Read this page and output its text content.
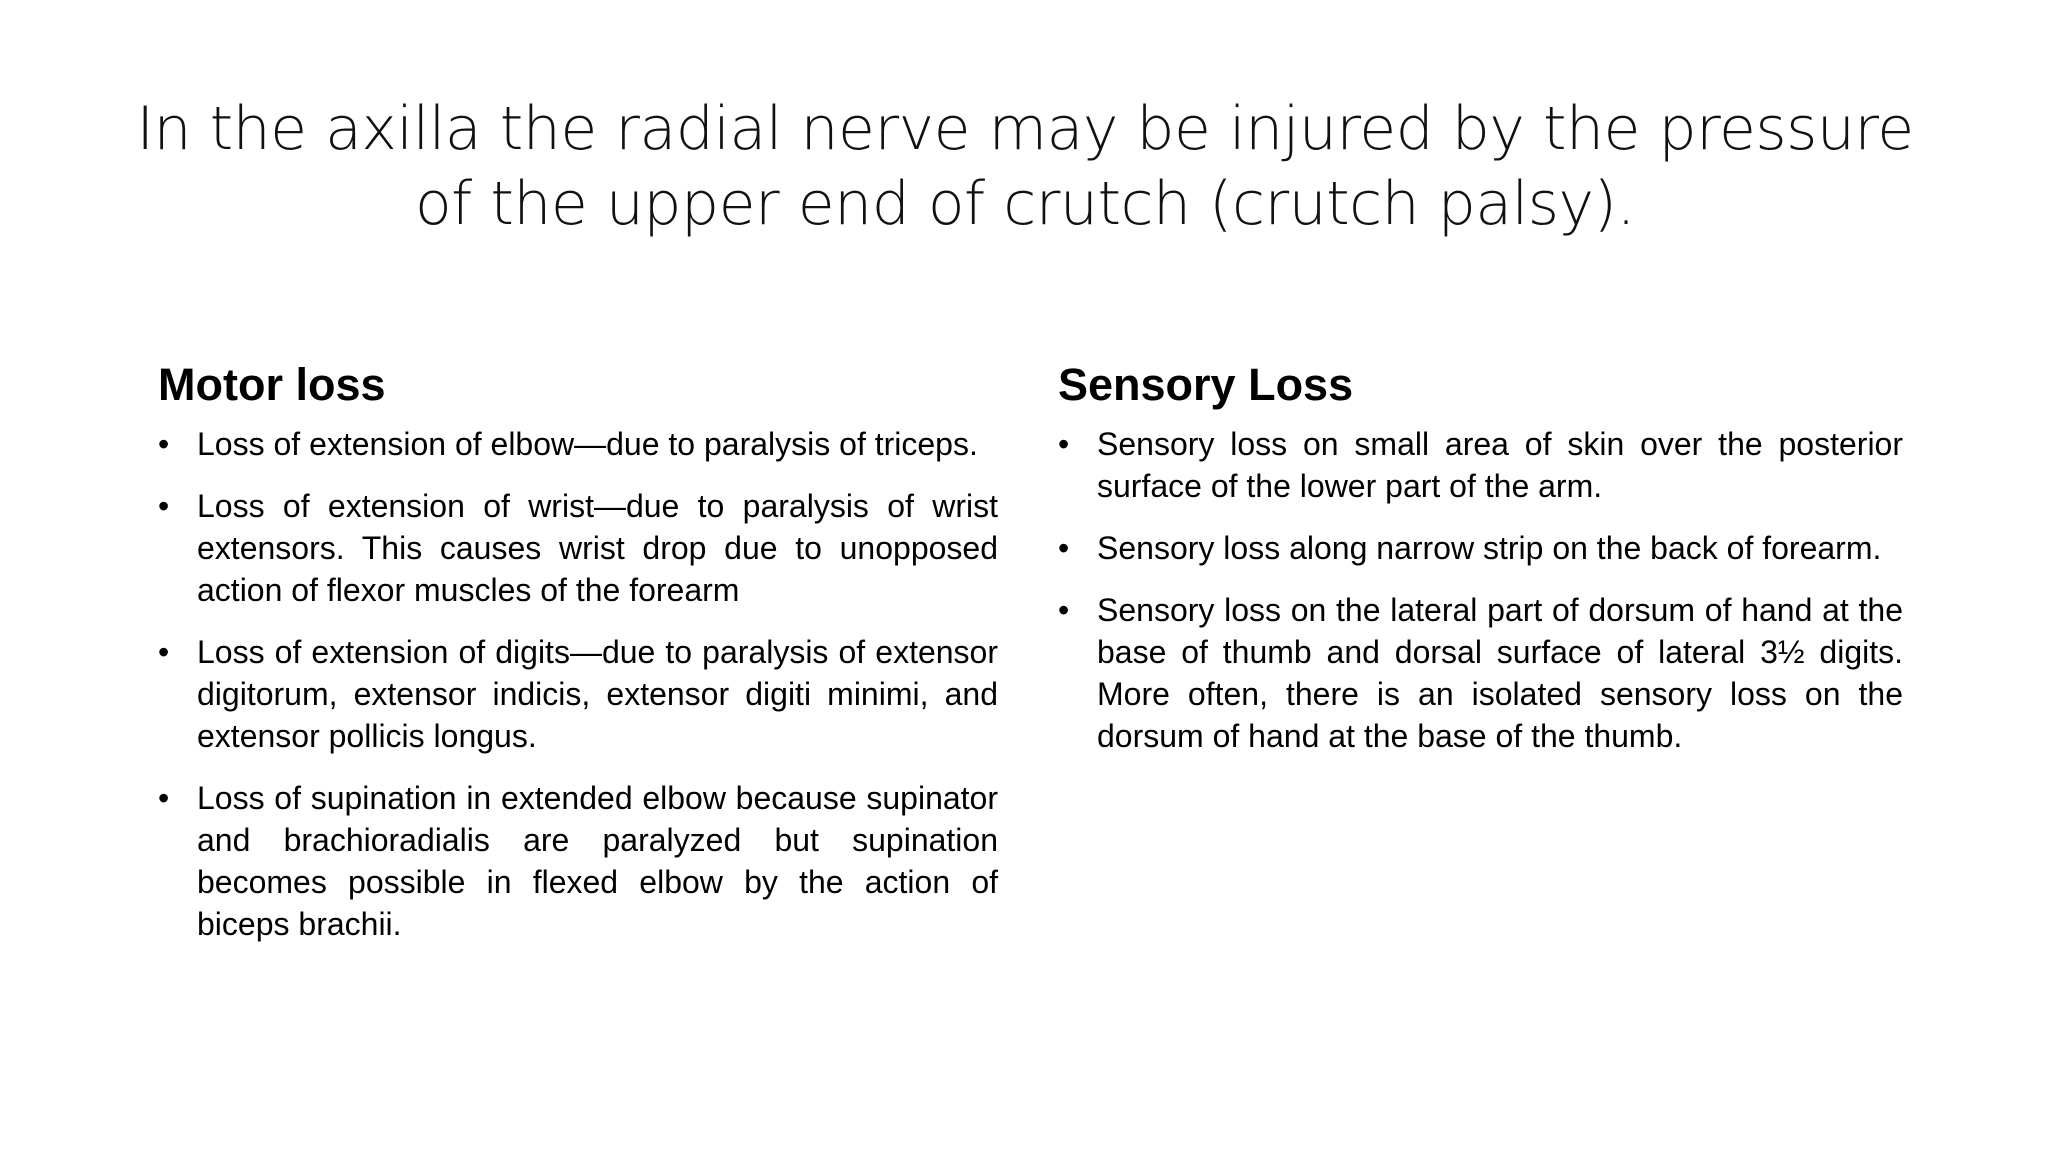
In the axilla the radial nerve may be injured by the pressure of the upper end of crutch (crutch palsy).
Motor loss
• Loss of extension of elbow—due to paralysis of triceps.
• Loss of extension of wrist—due to paralysis of wrist extensors. This causes wrist drop due to unopposed action of flexor muscles of the forearm
• Loss of extension of digits—due to paralysis of extensor digitorum, extensor indicis, extensor digiti minimi, and extensor pollicis longus.
• Loss of supination in extended elbow because supinator and brachioradialis are paralyzed but supination becomes possible in flexed elbow by the action of biceps brachii.
Sensory Loss
• Sensory loss on small area of skin over the posterior surface of the lower part of the arm.
• Sensory loss along narrow strip on the back of forearm.
• Sensory loss on the lateral part of dorsum of hand at the base of thumb and dorsal surface of lateral 3½ digits. More often, there is an isolated sensory loss on the dorsum of hand at the base of the thumb.
